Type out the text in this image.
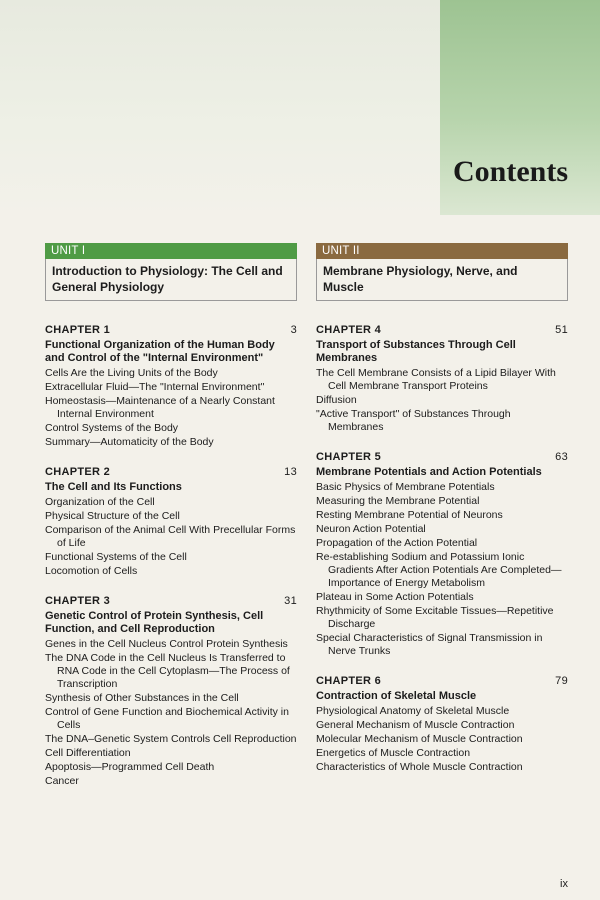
Contents
UNIT I
Introduction to Physiology: The Cell and General Physiology
CHAPTER 1	3
Functional Organization of the Human Body and Control of the "Internal Environment"
Cells Are the Living Units of the Body
Extracellular Fluid—The "Internal Environment"
Homeostasis—Maintenance of a Nearly Constant Internal Environment
Control Systems of the Body
Summary—Automaticity of the Body
CHAPTER 2	13
The Cell and Its Functions
Organization of the Cell
Physical Structure of the Cell
Comparison of the Animal Cell With Precellular Forms of Life
Functional Systems of the Cell
Locomotion of Cells
CHAPTER 3	31
Genetic Control of Protein Synthesis, Cell Function, and Cell Reproduction
Genes in the Cell Nucleus Control Protein Synthesis
The DNA Code in the Cell Nucleus Is Transferred to RNA Code in the Cell Cytoplasm—The Process of Transcription
Synthesis of Other Substances in the Cell
Control of Gene Function and Biochemical Activity in Cells
The DNA–Genetic System Controls Cell Reproduction
Cell Differentiation
Apoptosis—Programmed Cell Death
Cancer
UNIT II
Membrane Physiology, Nerve, and Muscle
CHAPTER 4	51
Transport of Substances Through Cell Membranes
The Cell Membrane Consists of a Lipid Bilayer With Cell Membrane Transport Proteins
Diffusion
"Active Transport" of Substances Through Membranes
CHAPTER 5	63
Membrane Potentials and Action Potentials
Basic Physics of Membrane Potentials
Measuring the Membrane Potential
Resting Membrane Potential of Neurons
Neuron Action Potential
Propagation of the Action Potential
Re-establishing Sodium and Potassium Ionic Gradients After Action Potentials Are Completed—Importance of Energy Metabolism
Plateau in Some Action Potentials
Rhythmicity of Some Excitable Tissues—Repetitive Discharge
Special Characteristics of Signal Transmission in Nerve Trunks
CHAPTER 6	79
Contraction of Skeletal Muscle
Physiological Anatomy of Skeletal Muscle
General Mechanism of Muscle Contraction
Molecular Mechanism of Muscle Contraction
Energetics of Muscle Contraction
Characteristics of Whole Muscle Contraction
ix
